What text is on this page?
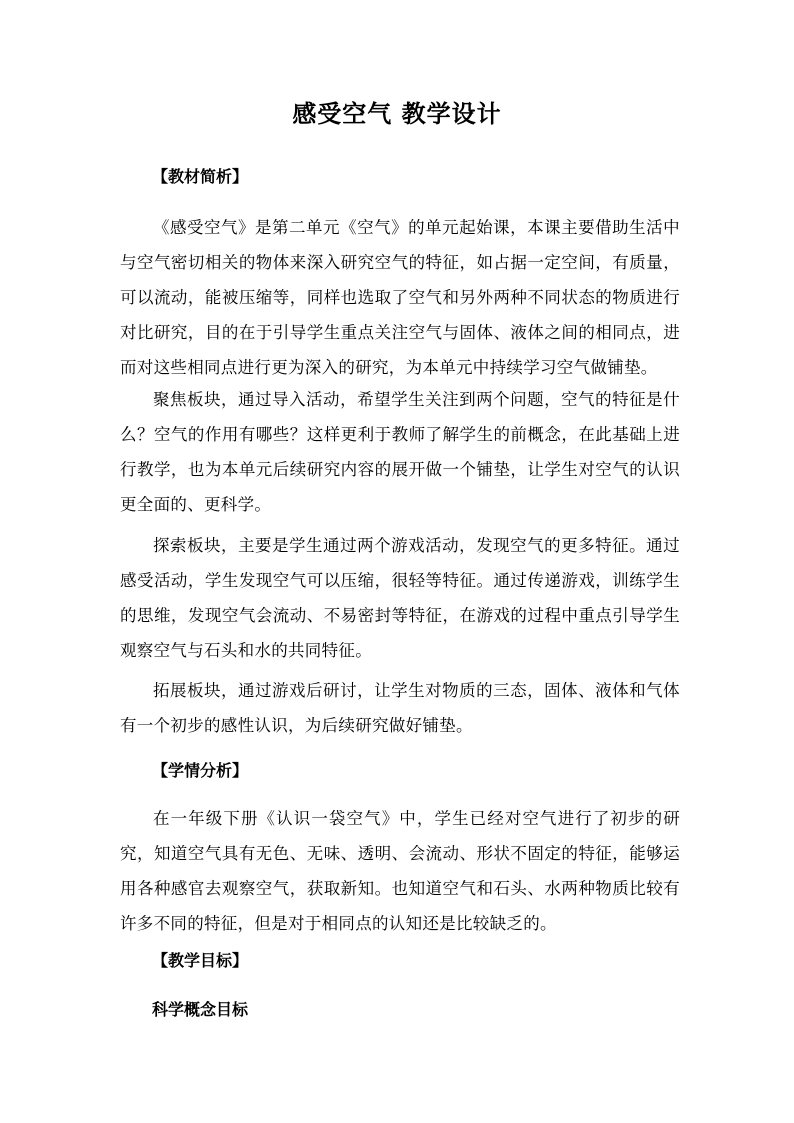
感受空气 教学设计
【教材简析】

《感受空气》是第二单元《空气》的单元起始课，本课主要借助生活中与空气密切相关的物体来深入研究空气的特征，如占据一定空间，有质量，可以流动，能被压缩等，同样也选取了空气和另外两种不同状态的物质进行对比研究，目的在于引导学生重点关注空气与固体、液体之间的相同点，进而对这些相同点进行更为深入的研究，为本单元中持续学习空气做铺垫。

聚焦板块，通过导入活动，希望学生关注到两个问题，空气的特征是什么？空气的作用有哪些？这样更利于教师了解学生的前概念，在此基础上进行教学，也为本单元后续研究内容的展开做一个铺垫，让学生对空气的认识更全面的、更科学。

探索板块，主要是学生通过两个游戏活动，发现空气的更多特征。通过感受活动，学生发现空气可以压缩，很轻等特征。通过传递游戏，训练学生的思维，发现空气会流动、不易密封等特征，在游戏的过程中重点引导学生观察空气与石头和水的共同特征。

拓展板块，通过游戏后研讨，让学生对物质的三态，固体、液体和气体有一个初步的感性认识，为后续研究做好铺垫。

【学情分析】

在一年级下册《认识一袋空气》中，学生已经对空气进行了初步的研究，知道空气具有无色、无味、透明、会流动、形状不固定的特征，能够运用各种感官去观察空气，获取新知。也知道空气和石头、水两种物质比较有许多不同的特征，但是对于相同点的认知还是比较缺乏的。

【教学目标】
科学概念目标
